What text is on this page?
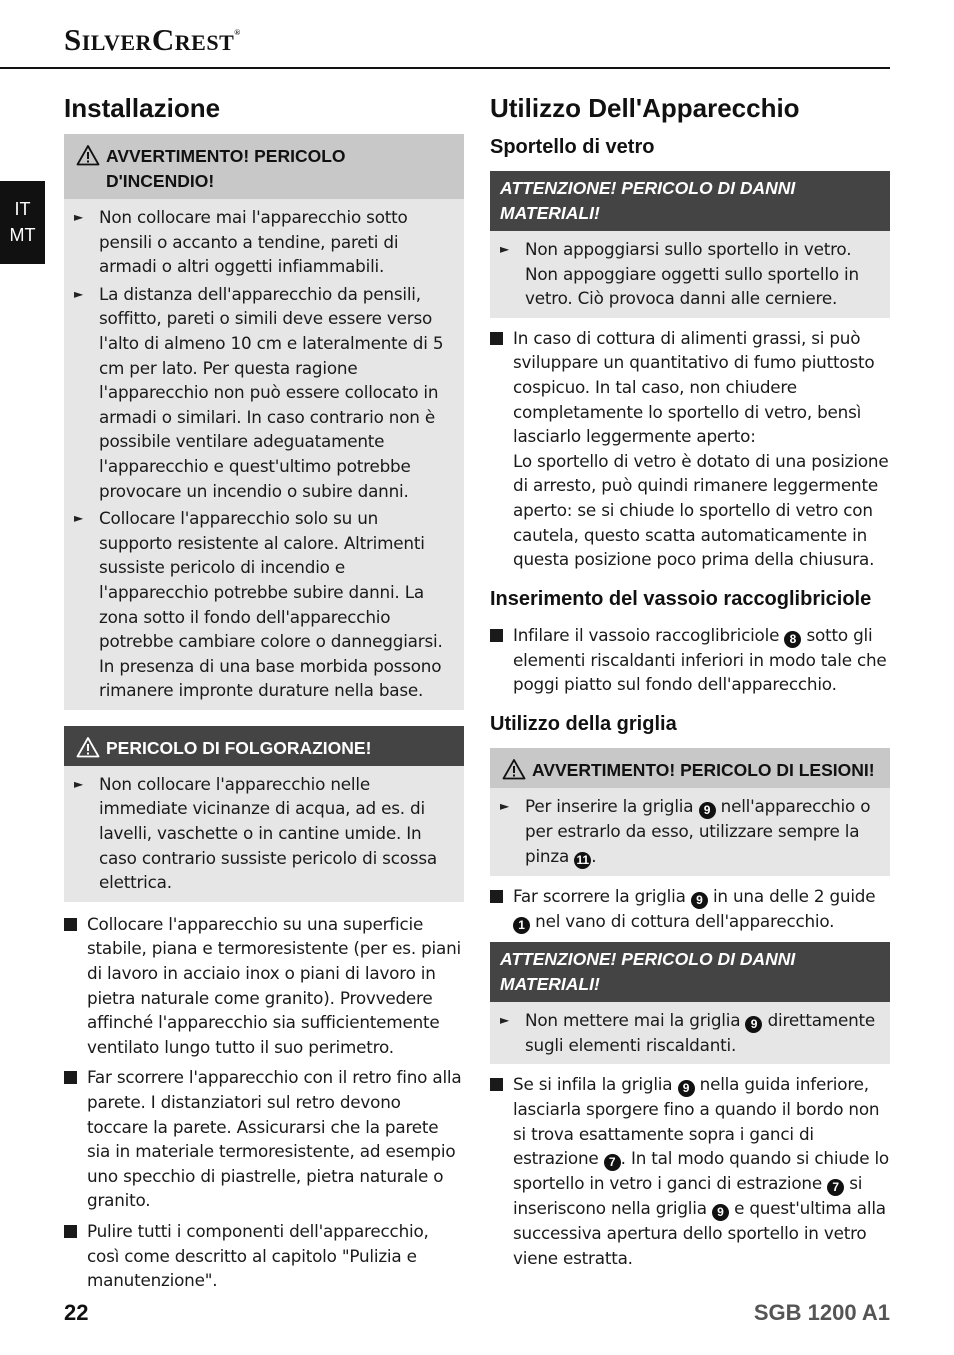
SilverCrest®
IT
MT
Installazione
AVVERTIMENTO! PERICOLO D'INCENDIO!
► Non collocare mai l'apparecchio sotto pensili o accanto a tendine, pareti di armadi o altri oggetti infiammabili.
► La distanza dell'apparecchio da pensili, soffitto, pareti o simili deve essere verso l'alto di almeno 10 cm e lateralmente di 5 cm per lato. Per questa ragione l'apparecchio non può essere collocato in armadi o similari. In caso contrario non è possibile ventilare adeguatamente l'apparecchio e quest'ultimo potrebbe provocare un incendio o subire danni.
► Collocare l'apparecchio solo su un supporto resistente al calore. Altrimenti sussiste pericolo di incendio e l'apparecchio potrebbe subire danni. La zona sotto il fondo dell'apparecchio potrebbe cambiare colore o danneggiarsi. In presenza di una base morbida possono rimanere impronte durature nella base.
PERICOLO DI FOLGORAZIONE!
► Non collocare l'apparecchio nelle immediate vicinanze di acqua, ad es. di lavelli, vaschette o in cantine umide. In caso contrario sussiste pericolo di scossa elettrica.
Collocare l'apparecchio su una superficie stabile, piana e termoresistente (per es. piani di lavoro in acciaio inox o piani di lavoro in pietra naturale come granito). Provvedere affinché l'apparecchio sia sufficientemente ventilato lungo tutto il suo perimetro.
Far scorrere l'apparecchio con il retro fino alla parete. I distanziatori sul retro devono toccare la parete. Assicurarsi che la parete sia in materiale termoresistente, ad esempio uno specchio di piastrelle, pietra naturale o granito.
Pulire tutti i componenti dell'apparecchio, così come descritto al capitolo "Pulizia e manutenzione".
Utilizzo Dell'Apparecchio
Sportello di vetro
ATTENZIONE! PERICOLO DI DANNI MATERIALI!
► Non appoggiarsi sullo sportello in vetro. Non appoggiare oggetti sullo sportello in vetro. Ciò provoca danni alle cerniere.
In caso di cottura di alimenti grassi, si può sviluppare un quantitativo di fumo piuttosto cospicuo. In tal caso, non chiudere completamente lo sportello di vetro, bensì lasciarlo leggermente aperto:
Lo sportello di vetro è dotato di una posizione di arresto, può quindi rimanere leggermente aperto: se si chiude lo sportello di vetro con cautela, questo scatta automaticamente in questa posizione poco prima della chiusura.
Inserimento del vassoio raccoglibriciole
Infilare il vassoio raccoglibriciole 8 sotto gli elementi riscaldanti inferiori in modo tale che poggi piatto sul fondo dell'apparecchio.
Utilizzo della griglia
AVVERTIMENTO! PERICOLO DI LESIONI!
► Per inserire la griglia 9 nell'apparecchio o per estrarlo da esso, utilizzare sempre la pinza 11 .
Far scorrere la griglia 9 in una delle 2 guide 1 nel vano di cottura dell'apparecchio.
ATTENZIONE! PERICOLO DI DANNI MATERIALI!
► Non mettere mai la griglia 9 direttamente sugli elementi riscaldanti.
Se si infila la griglia 9 nella guida inferiore, lasciarla sporgere fino a quando il bordo non si trova esattamente sopra i ganci di estrazione 7 . In tal modo quando si chiude lo sportello in vetro i ganci di estrazione 7 si inseriscono nella griglia 9 e quest'ultima alla successiva apertura dello sportello in vetro viene estratta.
22	SGB 1200 A1
